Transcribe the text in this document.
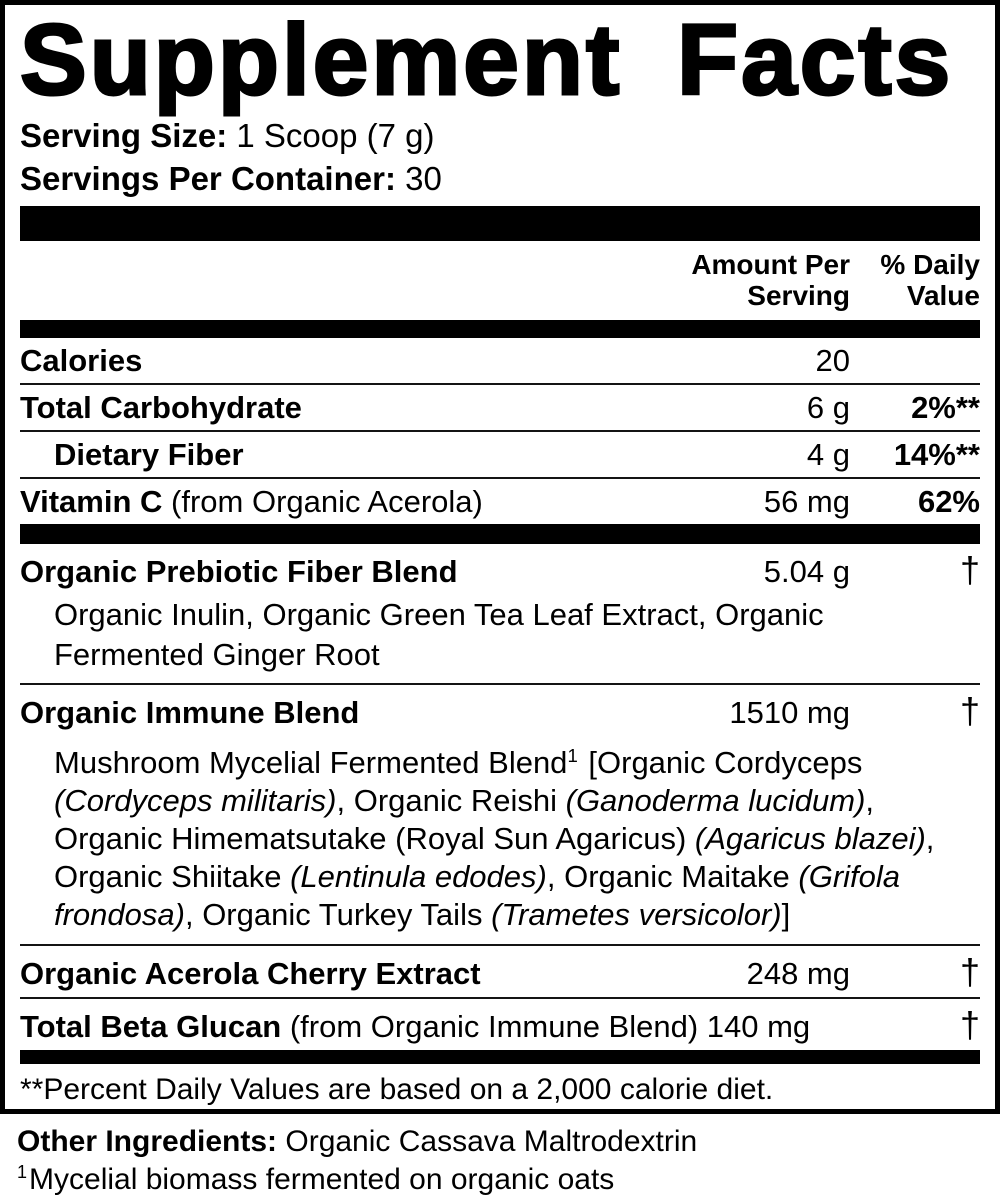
Supplement Facts
Serving Size: 1 Scoop (7 g)
Servings Per Container: 30
Amount Per
Serving
% Daily
Value
Calories	20
Total Carbohydrate	6 g	2%**
Dietary Fiber	4 g	14%**
Vitamin C (from Organic Acerola)	56 mg	62%
Organic Prebiotic Fiber Blend	5.04 g	†
Organic Inulin, Organic Green Tea Leaf Extract, Organic Fermented Ginger Root
Organic Immune Blend	1510 mg	†
Mushroom Mycelial Fermented Blend$^1$ [Organic Cordyceps (Cordyceps militaris), Organic Reishi (Ganoderma lucidum), Organic Himematsutake (Royal Sun Agaricus) (Agaricus blazei), Organic Shiitake (Lentinula edodes), Organic Maitake (Grifola frondosa), Organic Turkey Tails (Trametes versicolor)]
Organic Acerola Cherry Extract	248 mg	†
Total Beta Glucan (from Organic Immune Blend) 140 mg	†
**Percent Daily Values are based on a 2,000 calorie diet.
Other Ingredients: Organic Cassava Maltrodextrin
$^1$Mycelial biomass fermented on organic oats
